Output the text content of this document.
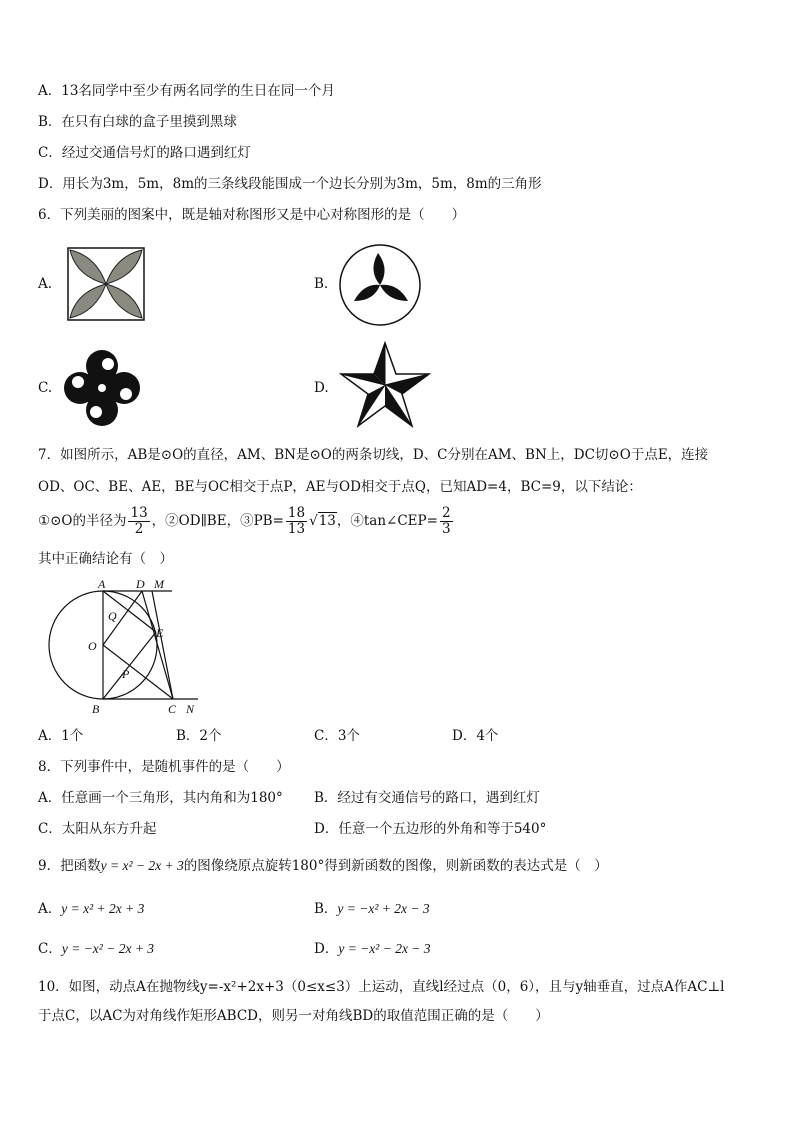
A．13名同学中至少有两名同学的生日在同一个月
B．在只有白球的盒子里摸到黑球
C．经过交通信号灯的路口遇到红灯
D．用长为3m，5m，8m的三条线段能围成一个边长分别为3m，5m，8m的三角形
6．下列美丽的图案中，既是轴对称图形又是中心对称图形的是（　　）
A.	B.
C.	D.
7．如图所示，AB是⊙O的直径，AM、BN是⊙O的两条切线，D、C分别在AM、BN上，DC切⊙O于点E，连接
OD、OC、BE、AE，BE与OC相交于点P，AE与OD相交于点Q，已知AD=4，BC=9，以下结论：
①⊙O的半径为 $\frac{13}{2}$ ，②OD∥BE，③PB= $\frac{18}{13} √13$，④tan∠CEP= $\frac{2}{3}$
其中正确结论有（　）
A	D M
Q
O
E
P
B	C N
A．1个	B．2个	C．3个	D．4个
8．下列事件中，是随机事件的是（　　）
A．任意画一个三角形，其内角和为180° B．经过有交通信号的路口，遇到红灯
C．太阳从东方升起	D．任意一个五边形的外角和等于540°
9．把函数y = x² − 2x + 3的图像绕原点旋转180°得到新函数的图像，则新函数的表达式是（　）
A．y = x² + 2x + 3	B．y = −x² + 2x − 3
C．y = −x² − 2x + 3	D．y = −x² − 2x − 3
10．如图，动点A在抛物线y=-x²+2x+3（0≤x≤3）上运动，直线l经过点（0，6），且与y轴垂直，过点A作AC⊥l
于点C，以AC为对角线作矩形ABCD，则另一对角线BD的取值范围正确的是（　　）
